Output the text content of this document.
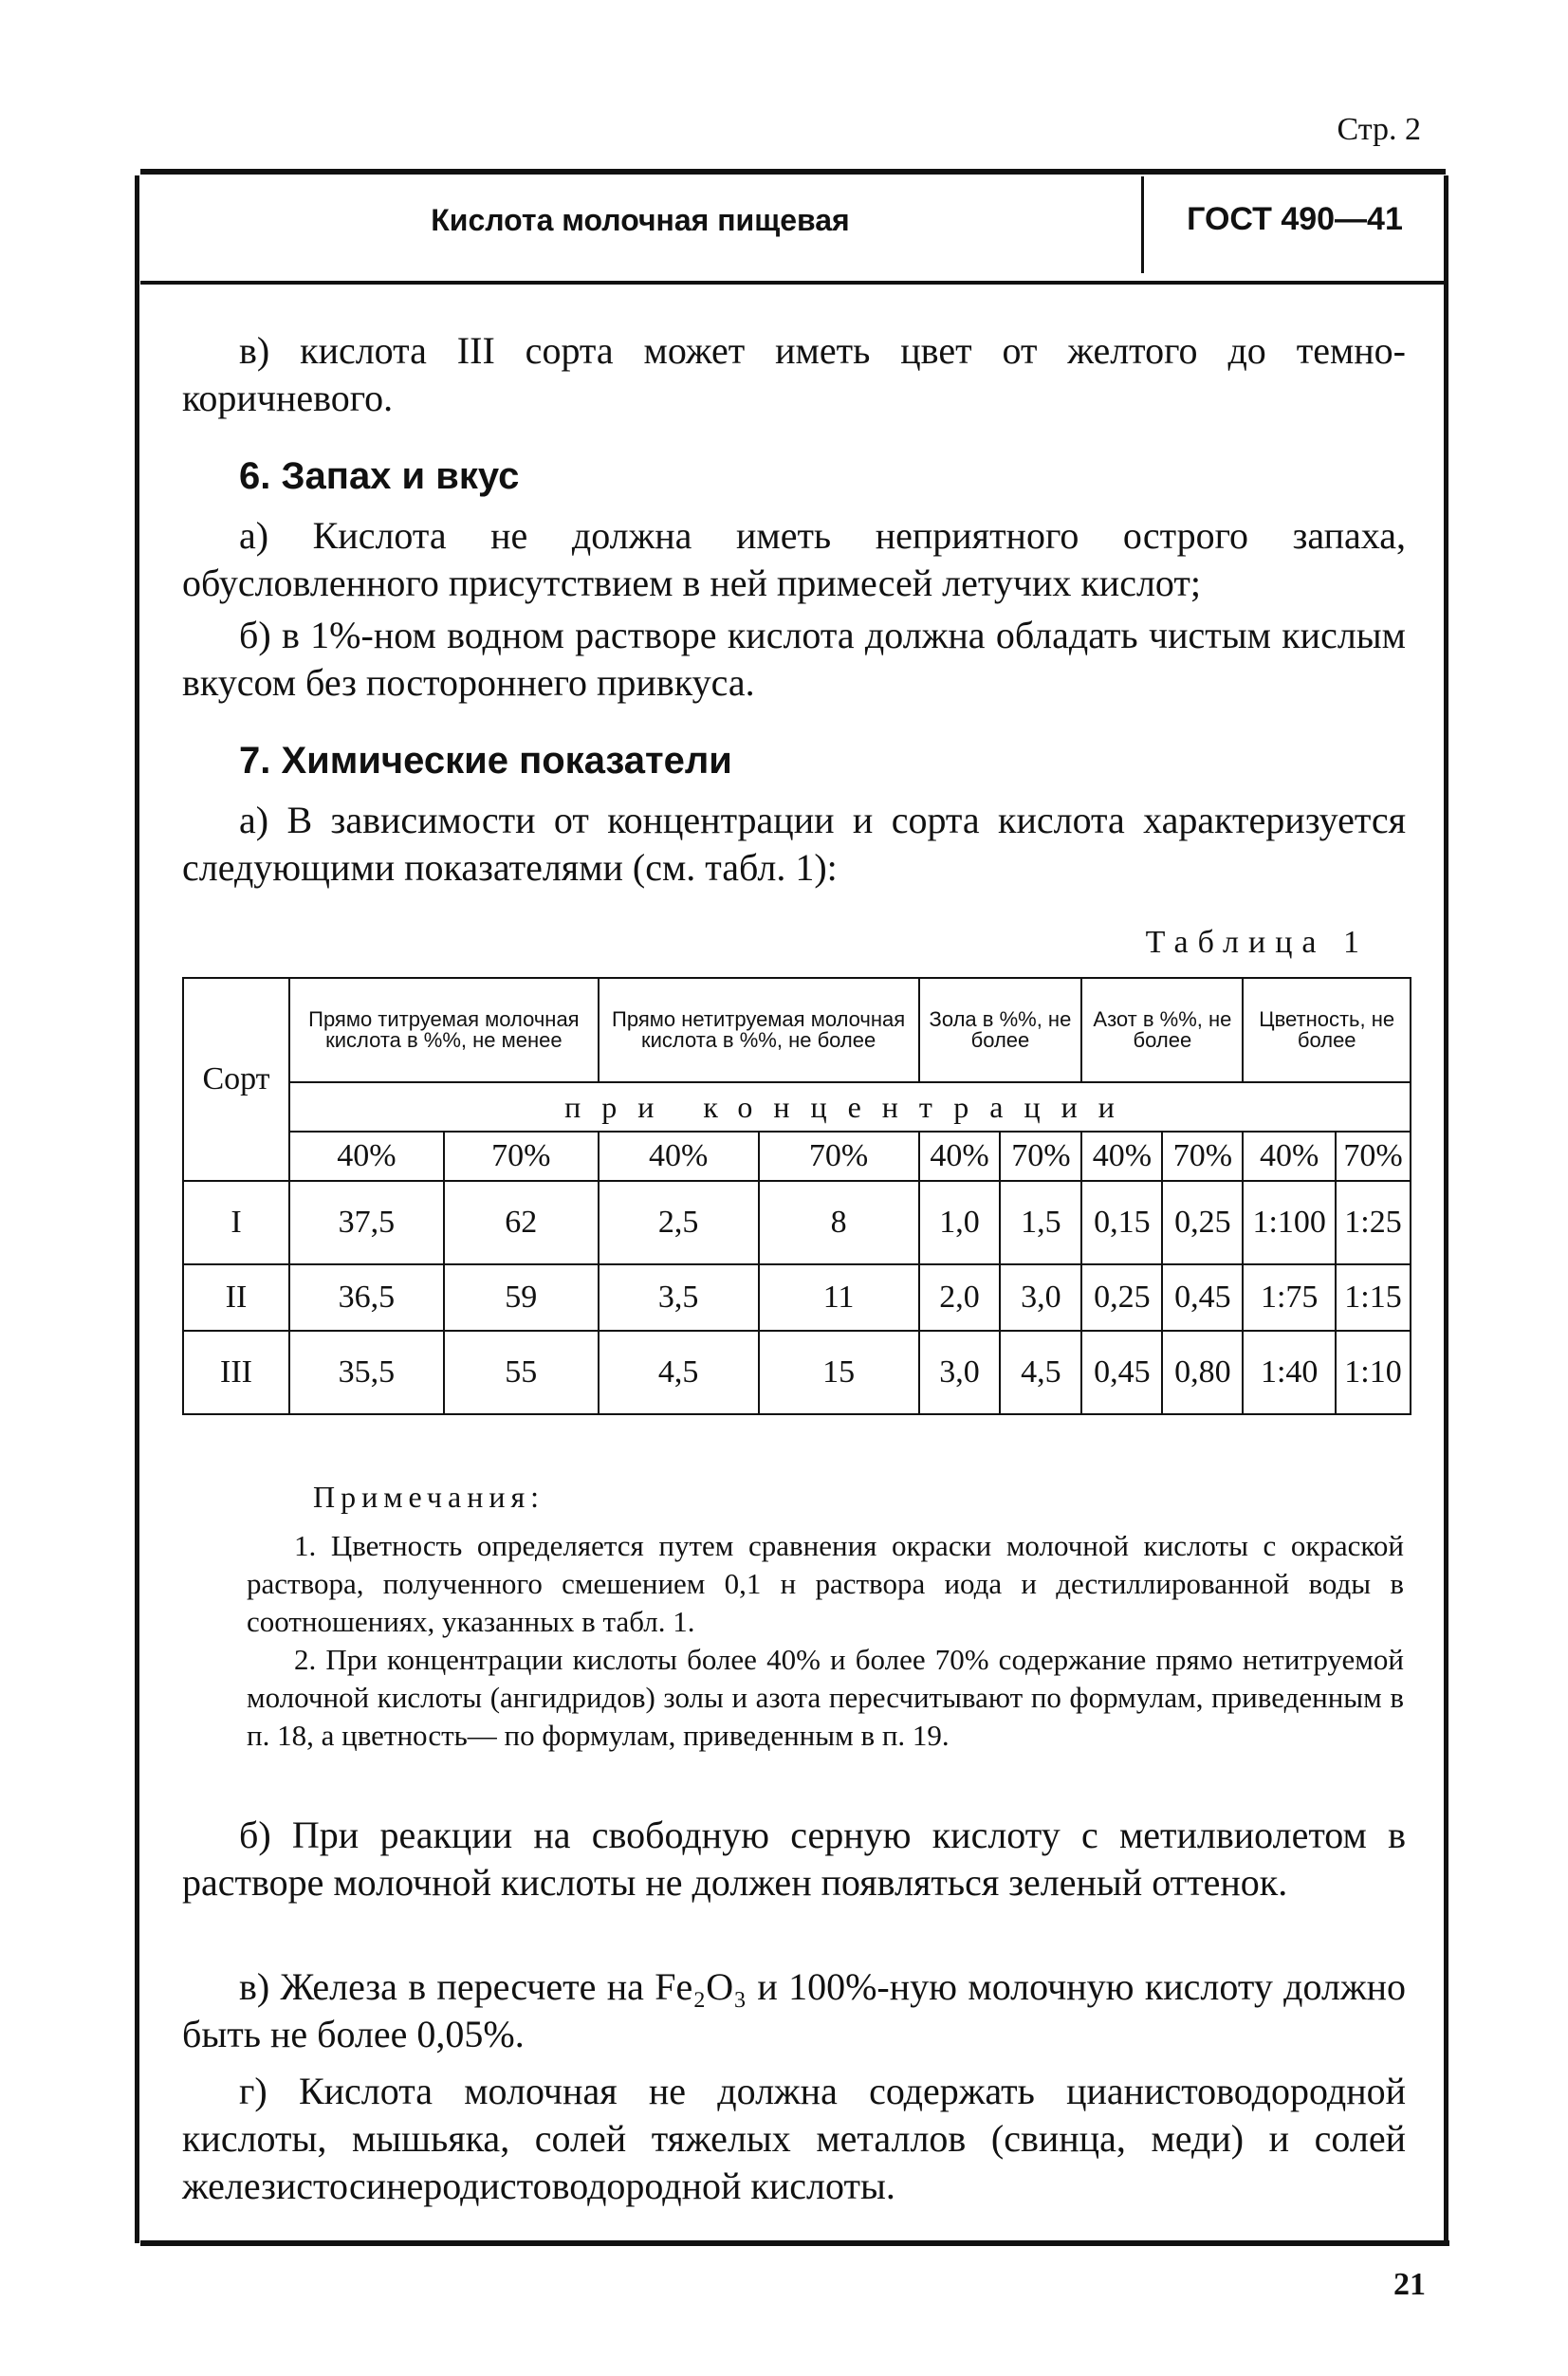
Стр. 2
Кислота молочная пищевая	ГОСТ 490—41
в) кислота III сорта может иметь цвет от желтого до темно-коричневого.
6. Запах и вкус
а) Кислота не должна иметь неприятного острого запаха, обусловленного присутствием в ней примесей летучих кислот;
б) в 1%-ном водном растворе кислота должна обладать чистым кислым вкусом без постороннего привкуса.
7. Химические показатели
а) В зависимости от концентрации и сорта кислота характеризуется следующими показателями (см. табл. 1):
Таблица 1
Сорт	Прямо титруемая молочная кислота в %%, не менее		Прямо нетитруемая молочная кислота в %%, не более		Зола в %%, не более		Азот в %%, не более		Цветность, не более	
	при концентрации									
	40%	70%	40%	70%	40%	70%	40%	70%	40%	70%
I	37,5	62	2,5	8	1,0	1,5	0,15	0,25	1:100	1:25
II	36,5	59	3,5	11	2,0	3,0	0,25	0,45	1:75	1:15
III	35,5	55	4,5	15	3,0	4,5	0,45	0,80	1:40	1:10
Примечания:
1. Цветность определяется путем сравнения окраски молочной кислоты с окраской раствора, полученного смешением 0,1 н раствора иода и дестиллированной воды в соотношениях, указанных в табл. 1.
2. При концентрации кислоты более 40% и более 70% содержание прямо нетитруемой молочной кислоты (ангидридов) золы и азота пересчитывают по формулам, приведенным в п. 18, а цветность— по формулам, приведенным в п. 19.
б) При реакции на свободную серную кислоту с метилвиолетом в растворе молочной кислоты не должен появляться зеленый оттенок.
в) Железа в пересчете на Fe₂O₃ и 100%-ную молочную кислоту должно быть не более 0,05%.
г) Кислота молочная не должна содержать цианистоводородной кислоты, мышьяка, солей тяжелых металлов (свинца, меди) и солей железистосинеродистоводородной кислоты.
21
